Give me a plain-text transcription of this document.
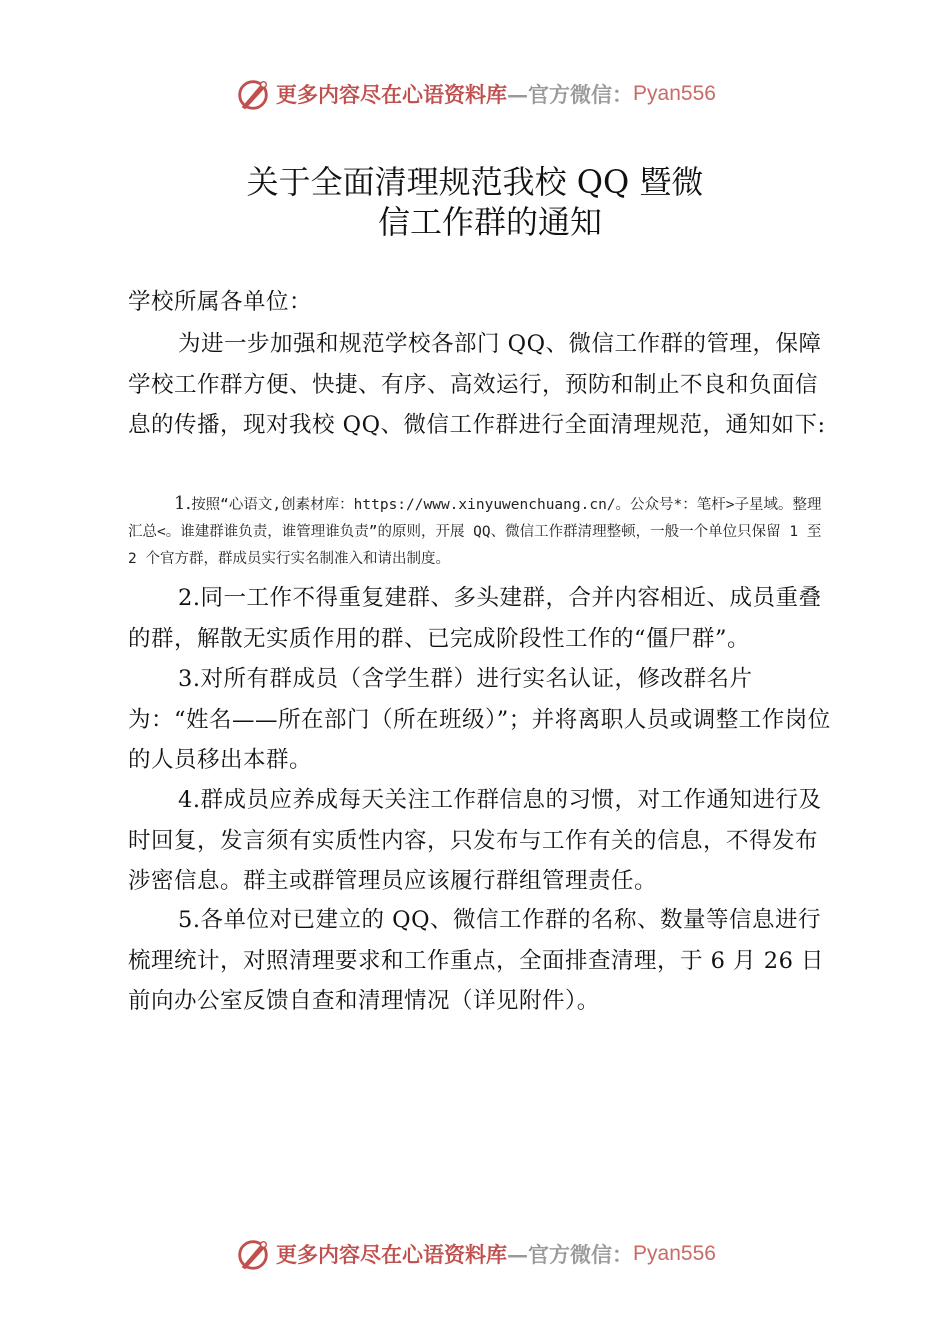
更多内容尽在心语资料库 — 官方微信： Pyan556
关于全面清理规范我校 QQ 暨微
信工作群的通知
学校所属各单位：
为进一步加强和规范学校各部门 QQ、微信工作群的管理，保障学校工作群方便、快捷、有序、高效运行，预防和制止不良和负面信息的传播，现对我校 QQ、微信工作群进行全面清理规范，通知如下:
1.按照“心语文,创素材库：https://www.xinyuwenchuang.cn/。公众号*：笔杆>子星域。整理汇总<。谁建群谁负责，谁管理谁负责”的原则，开展 QQ、微信工作群清理整顿，一般一个单位只保留 1 至 2 个官方群，群成员实行实名制准入和请出制度。
2.同一工作不得重复建群、多头建群，合并内容相近、成员重叠的群，解散无实质作用的群、已完成阶段性工作的“僵尸群”。
3.对所有群成员（含学生群）进行实名认证，修改群名片为：“姓名——所在部门（所在班级）”；并将离职人员或调整工作岗位的人员移出本群。
4.群成员应养成每天关注工作群信息的习惯，对工作通知进行及时回复，发言须有实质性内容，只发布与工作有关的信息，不得发布涉密信息。群主或群管理员应该履行群组管理责任。
5.各单位对已建立的 QQ、微信工作群的名称、数量等信息进行梳理统计，对照清理要求和工作重点，全面排查清理，于 6 月 26 日前向办公室反馈自查和清理情况（详见附件）。
更多内容尽在心语资料库 — 官方微信： Pyan556
